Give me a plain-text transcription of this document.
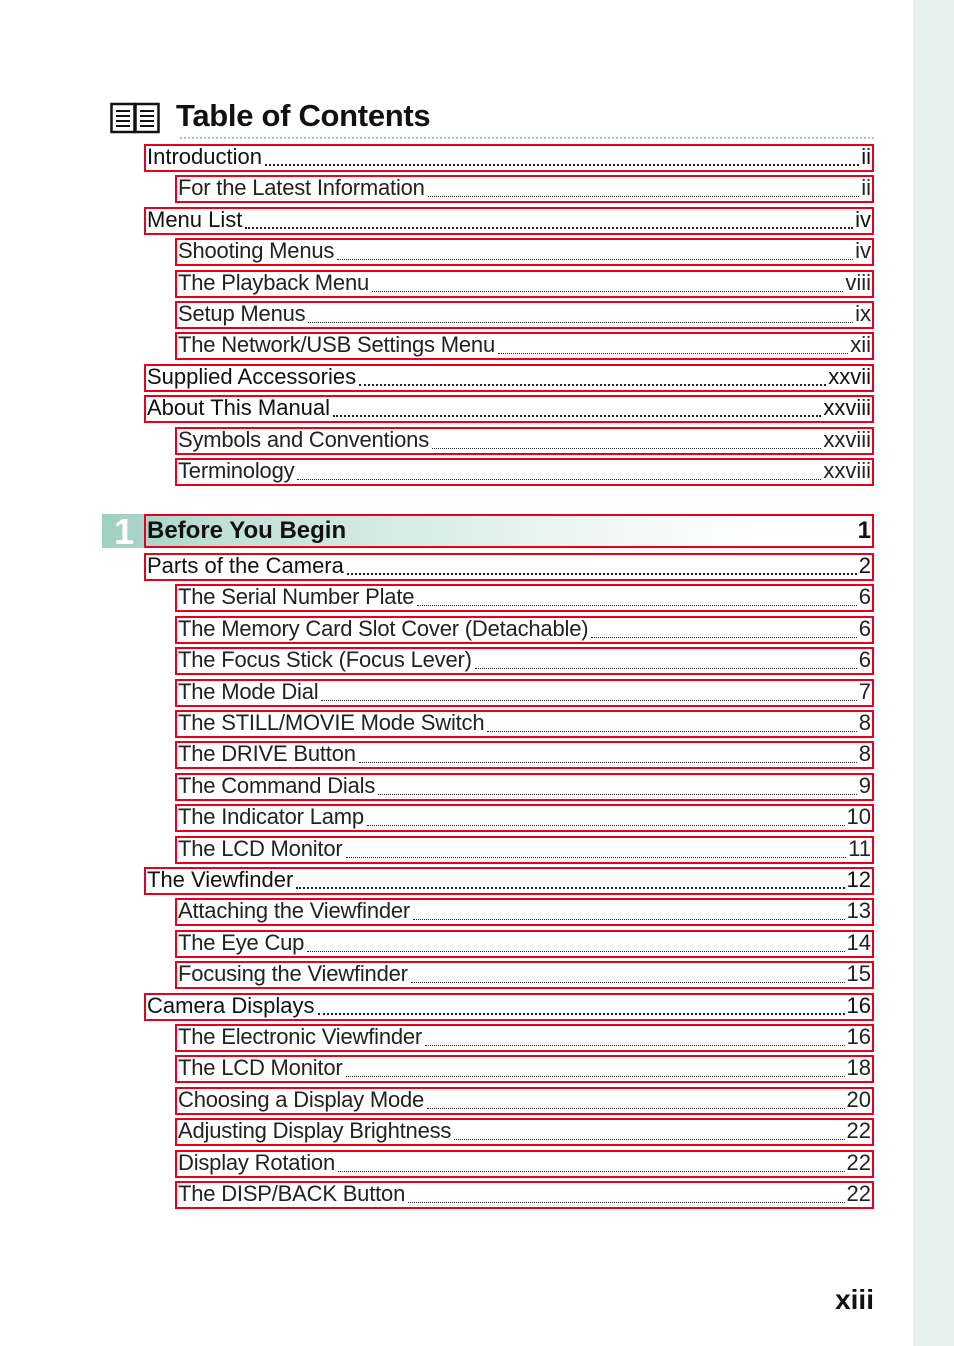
Table of Contents
Introduction	ii
For the Latest Information	ii
Menu List	iv
Shooting Menus	iv
The Playback Menu	viii
Setup Menus	ix
The Network/USB Settings Menu	xii
Supplied Accessories	xxvii
About This Manual	xxviii
Symbols and Conventions	xxviii
Terminology	xxviii
1 Before You Begin	1
Parts of the Camera	2
The Serial Number Plate	6
The Memory Card Slot Cover (Detachable)	6
The Focus Stick (Focus Lever)	6
The Mode Dial	7
The STILL/MOVIE Mode Switch	8
The DRIVE Button	8
The Command Dials	9
The Indicator Lamp	10
The LCD Monitor	11
The Viewfinder	12
Attaching the Viewfinder	13
The Eye Cup	14
Focusing the Viewfinder	15
Camera Displays	16
The Electronic Viewfinder	16
The LCD Monitor	18
Choosing a Display Mode	20
Adjusting Display Brightness	22
Display Rotation	22
The DISP/BACK Button	22
xiii
